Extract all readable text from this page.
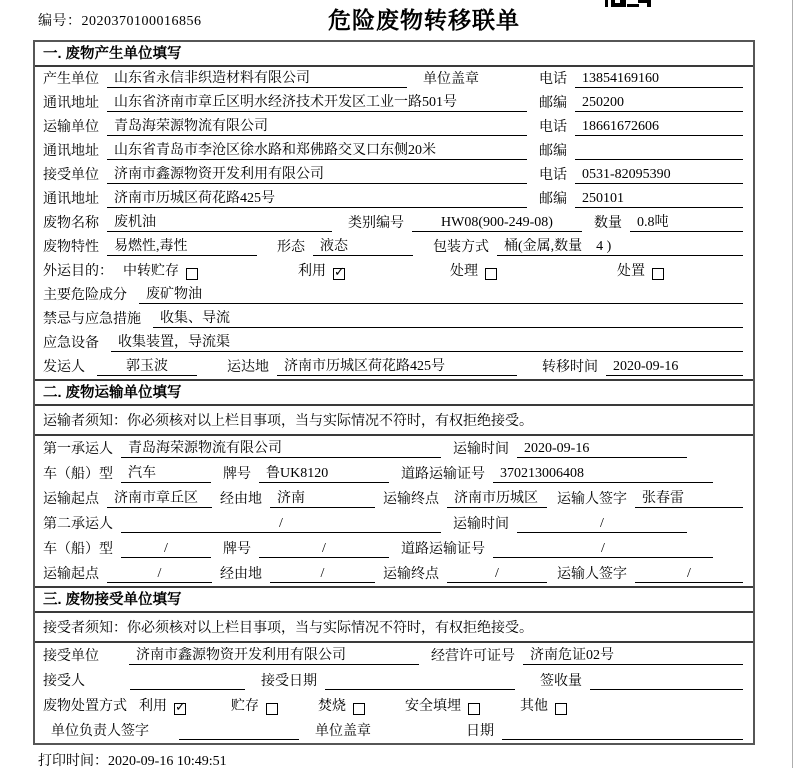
编号：2020370100016856	危险废物转移联单
一. 废物产生单位填写
产生单位	山东省永信非织造材料有限公司	单位盖章	电话	13854169160
通讯地址	山东省济南市章丘区明水经济技术开发区工业一路501号	邮编	250200
运输单位	青岛海荣源物流有限公司	电话	18661672606
通讯地址	山东省青岛市李沧区徐水路和郑佛路交叉口东侧20米	邮编
接受单位	济南市鑫源物资开发利用有限公司	电话	0531-82095390
通讯地址	济南市历城区荷花路425号	邮编	250101
废物名称	废机油	类别编号	HW08(900-249-08)	数量	0.8吨
废物特性	易燃性,毒性	形态	液态	包装方式	桶(金属,数量　4 )
外运目的： 中转贮存	利用 ✓	处理	处置
主要危险成分	废矿物油
禁忌与应急措施	收集、导流
应急设备	收集装置，导流渠
发运人	郭玉波	运达地	济南市历城区荷花路425号	转移时间	2020-09-16
二. 废物运输单位填写
运输者须知：你必须核对以上栏目事项，当与实际情况不符时，有权拒绝接受。
第一承运人	青岛海荣源物流有限公司	运输时间	2020-09-16
车（船）型	汽车	牌号	鲁UK8120	道路运输证号	370213006408
运输起点	济南市章丘区	经由地	济南	运输终点	济南市历城区	运输人签字	张春雷
第二承运人	/	运输时间	/
车（船）型	/	牌号	/	道路运输证号	/
运输起点	/	经由地	/	运输终点	/	运输人签字	/
三. 废物接受单位填写
接受者须知：你必须核对以上栏目事项，当与实际情况不符时，有权拒绝接受。
接受单位	济南市鑫源物资开发利用有限公司	经营许可证号	济南危证02号
接受人	接受日期	签收量
废物处置方式 利用 ✓	贮存	焚烧	安全填埋	其他
单位负责人签字	单位盖章	日期
打印时间：2020-09-16 10:49:51
